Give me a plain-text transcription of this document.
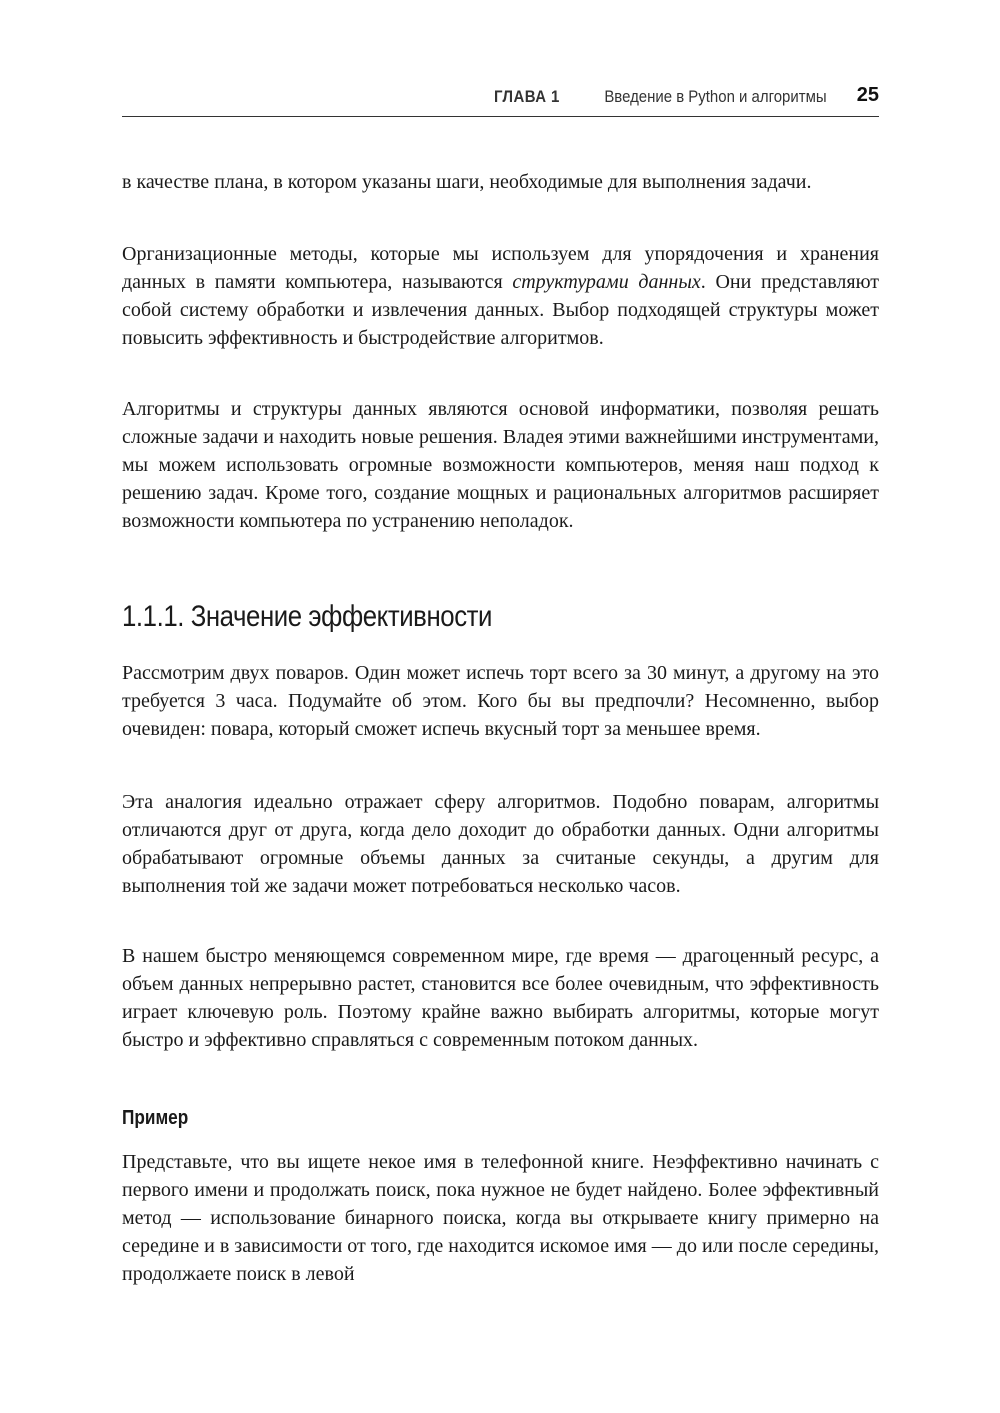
ГЛАВА 1	Введение в Python и алгоритмы 25

в качестве плана, в котором указаны шаги, необходимые для выполнения задачи.

Организационные методы, которые мы используем для упорядочения и хранения данных в памяти компьютера, называются структурами данных. Они представляют собой систему обработки и извлечения данных. Выбор подходящей структуры может повысить эффективность и быстродействие алгоритмов.

Алгоритмы и структуры данных являются основой информатики, позволяя решать сложные задачи и находить новые решения. Владея этими важнейшими инструментами, мы можем использовать огромные возможности компьютеров, меняя наш подход к решению задач. Кроме того, создание мощных и рациональных алгоритмов расширяет возможности компьютера по устранению неполадок.

1.1.1. Значение эффективности

Рассмотрим двух поваров. Один может испечь торт всего за 30 минут, а другому на это требуется 3 часа. Подумайте об этом. Кого бы вы предпочли? Несомненно, выбор очевиден: повара, который сможет испечь вкусный торт за меньшее время.

Эта аналогия идеально отражает сферу алгоритмов. Подобно поварам, алгоритмы отличаются друг от друга, когда дело доходит до обработки данных. Одни алгоритмы обрабатывают огромные объемы данных за считаные секунды, а другим для выполнения той же задачи может потребоваться несколько часов.

В нашем быстро меняющемся современном мире, где время — драгоценный ресурс, а объем данных непрерывно растет, становится все более очевидным, что эффективность играет ключевую роль. Поэтому крайне важно выбирать алгоритмы, которые могут быстро и эффективно справляться с современным потоком данных.

Пример

Представьте, что вы ищете некое имя в телефонной книге. Неэффективно начинать с первого имени и продолжать поиск, пока нужное не будет найдено. Более эффективный метод — использование бинарного поиска, когда вы открываете книгу примерно на середине и в зависимости от того, где находится искомое имя — до или после середины, продолжаете поиск в левой
